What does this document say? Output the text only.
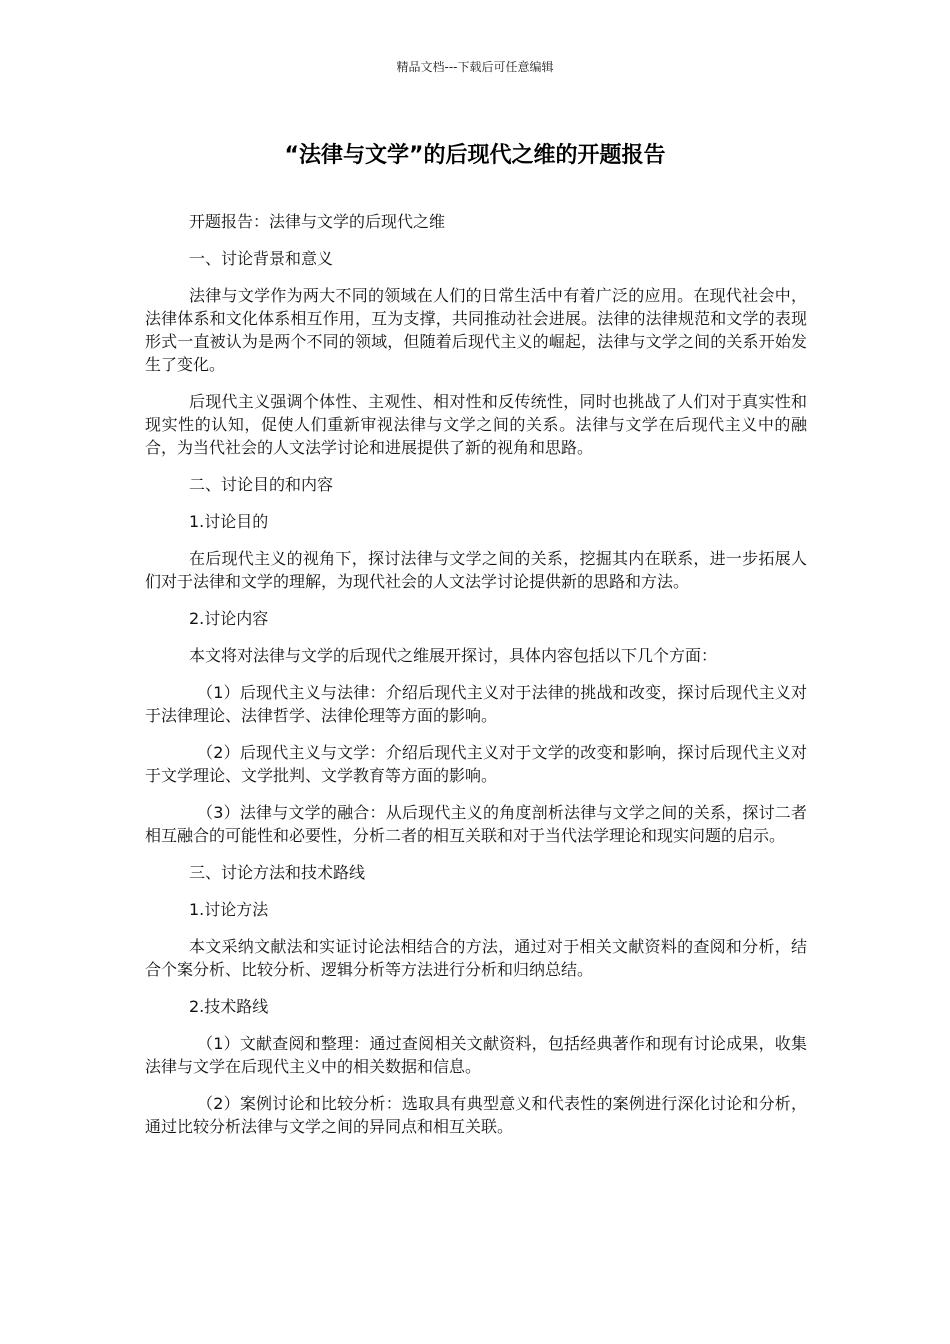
精品文档---下载后可任意编辑
“法律与文学”的后现代之维的开题报告

开题报告：法律与文学的后现代之维

一、讨论背景和意义

法律与文学作为两大不同的领域在人们的日常生活中有着广泛的应用。在现代社会中，法律体系和文化体系相互作用，互为支撑，共同推动社会进展。法律的法律规范和文学的表现形式一直被认为是两个不同的领域，但随着后现代主义的崛起，法律与文学之间的关系开始发生了变化。

后现代主义强调个体性、主观性、相对性和反传统性，同时也挑战了人们对于真实性和现实性的认知，促使人们重新审视法律与文学之间的关系。法律与文学在后现代主义中的融合，为当代社会的人文法学讨论和进展提供了新的视角和思路。

二、讨论目的和内容

1.讨论目的

在后现代主义的视角下，探讨法律与文学之间的关系，挖掘其内在联系，进一步拓展人们对于法律和文学的理解，为现代社会的人文法学讨论提供新的思路和方法。

2.讨论内容

本文将对法律与文学的后现代之维展开探讨，具体内容包括以下几个方面：

（1）后现代主义与法律：介绍后现代主义对于法律的挑战和改变，探讨后现代主义对于法律理论、法律哲学、法律伦理等方面的影响。

（2）后现代主义与文学：介绍后现代主义对于文学的改变和影响，探讨后现代主义对于文学理论、文学批判、文学教育等方面的影响。

（3）法律与文学的融合：从后现代主义的角度剖析法律与文学之间的关系，探讨二者相互融合的可能性和必要性，分析二者的相互关联和对于当代法学理论和现实问题的启示。

三、讨论方法和技术路线

1.讨论方法

本文采纳文献法和实证讨论法相结合的方法，通过对于相关文献资料的查阅和分析，结合个案分析、比较分析、逻辑分析等方法进行分析和归纳总结。

2.技术路线

（1）文献查阅和整理：通过查阅相关文献资料，包括经典著作和现有讨论成果，收集法律与文学在后现代主义中的相关数据和信息。

（2）案例讨论和比较分析：选取具有典型意义和代表性的案例进行深化讨论和分析，通过比较分析法律与文学之间的异同点和相互关联。
